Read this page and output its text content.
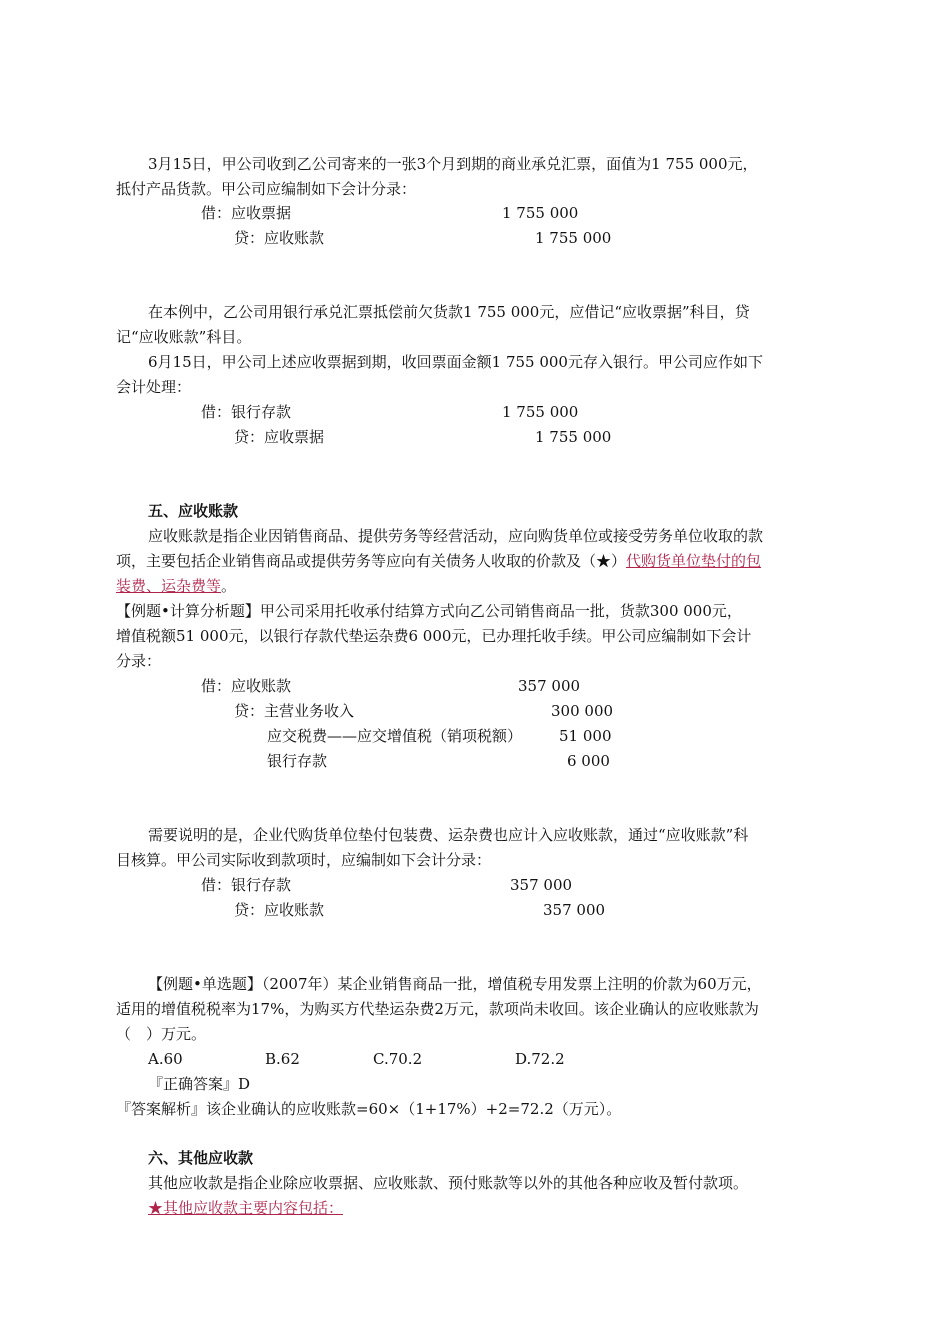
3月15日，甲公司收到乙公司寄来的一张3个月到期的商业承兑汇票，面值为1 755 000元，
抵付产品货款。甲公司应编制如下会计分录：
借：应收票据	1 755 000
贷：应收账款	1 755 000
在本例中，乙公司用银行承兑汇票抵偿前欠货款1 755 000元，应借记“应收票据”科目，贷
记“应收账款”科目。
6月15日，甲公司上述应收票据到期，收回票面金额1 755 000元存入银行。甲公司应作如下
会计处理：
借：银行存款	1 755 000
贷：应收票据	1 755 000
五、应收账款
应收账款是指企业因销售商品、提供劳务等经营活动，应向购货单位或接受劳务单位收取的款
项，主要包括企业销售商品或提供劳务等应向有关债务人收取的价款及（★）代购货单位垫付的包
装费、运杂费等。
【例题•计算分析题】甲公司采用托收承付结算方式向乙公司销售商品一批，货款300 000元，
增值税额51 000元，以银行存款代垫运杂费6 000元，已办理托收手续。甲公司应编制如下会计
分录：
借：应收账款	357 000
贷：主营业务收入	300 000
应交税费——应交增值税（销项税额） 51 000
银行存款	6 000
需要说明的是，企业代购货单位垫付包装费、运杂费也应计入应收账款，通过“应收账款”科
目核算。甲公司实际收到款项时，应编制如下会计分录：
借：银行存款	357 000
贷：应收账款	357 000
【例题•单选题】（2007年）某企业销售商品一批，增值税专用发票上注明的价款为60万元，
适用的增值税税率为17%，为购买方代垫运杂费2万元，款项尚未收回。该企业确认的应收账款为
（　）万元。
A.60	B.62	C.70.2	D.72.2
『正确答案』D
『答案解析』该企业确认的应收账款=60×（1+17%）+2=72.2（万元）。
六、其他应收款
其他应收款是指企业除应收票据、应收账款、预付账款等以外的其他各种应收及暂付款项。
★其他应收款主要内容包括：
